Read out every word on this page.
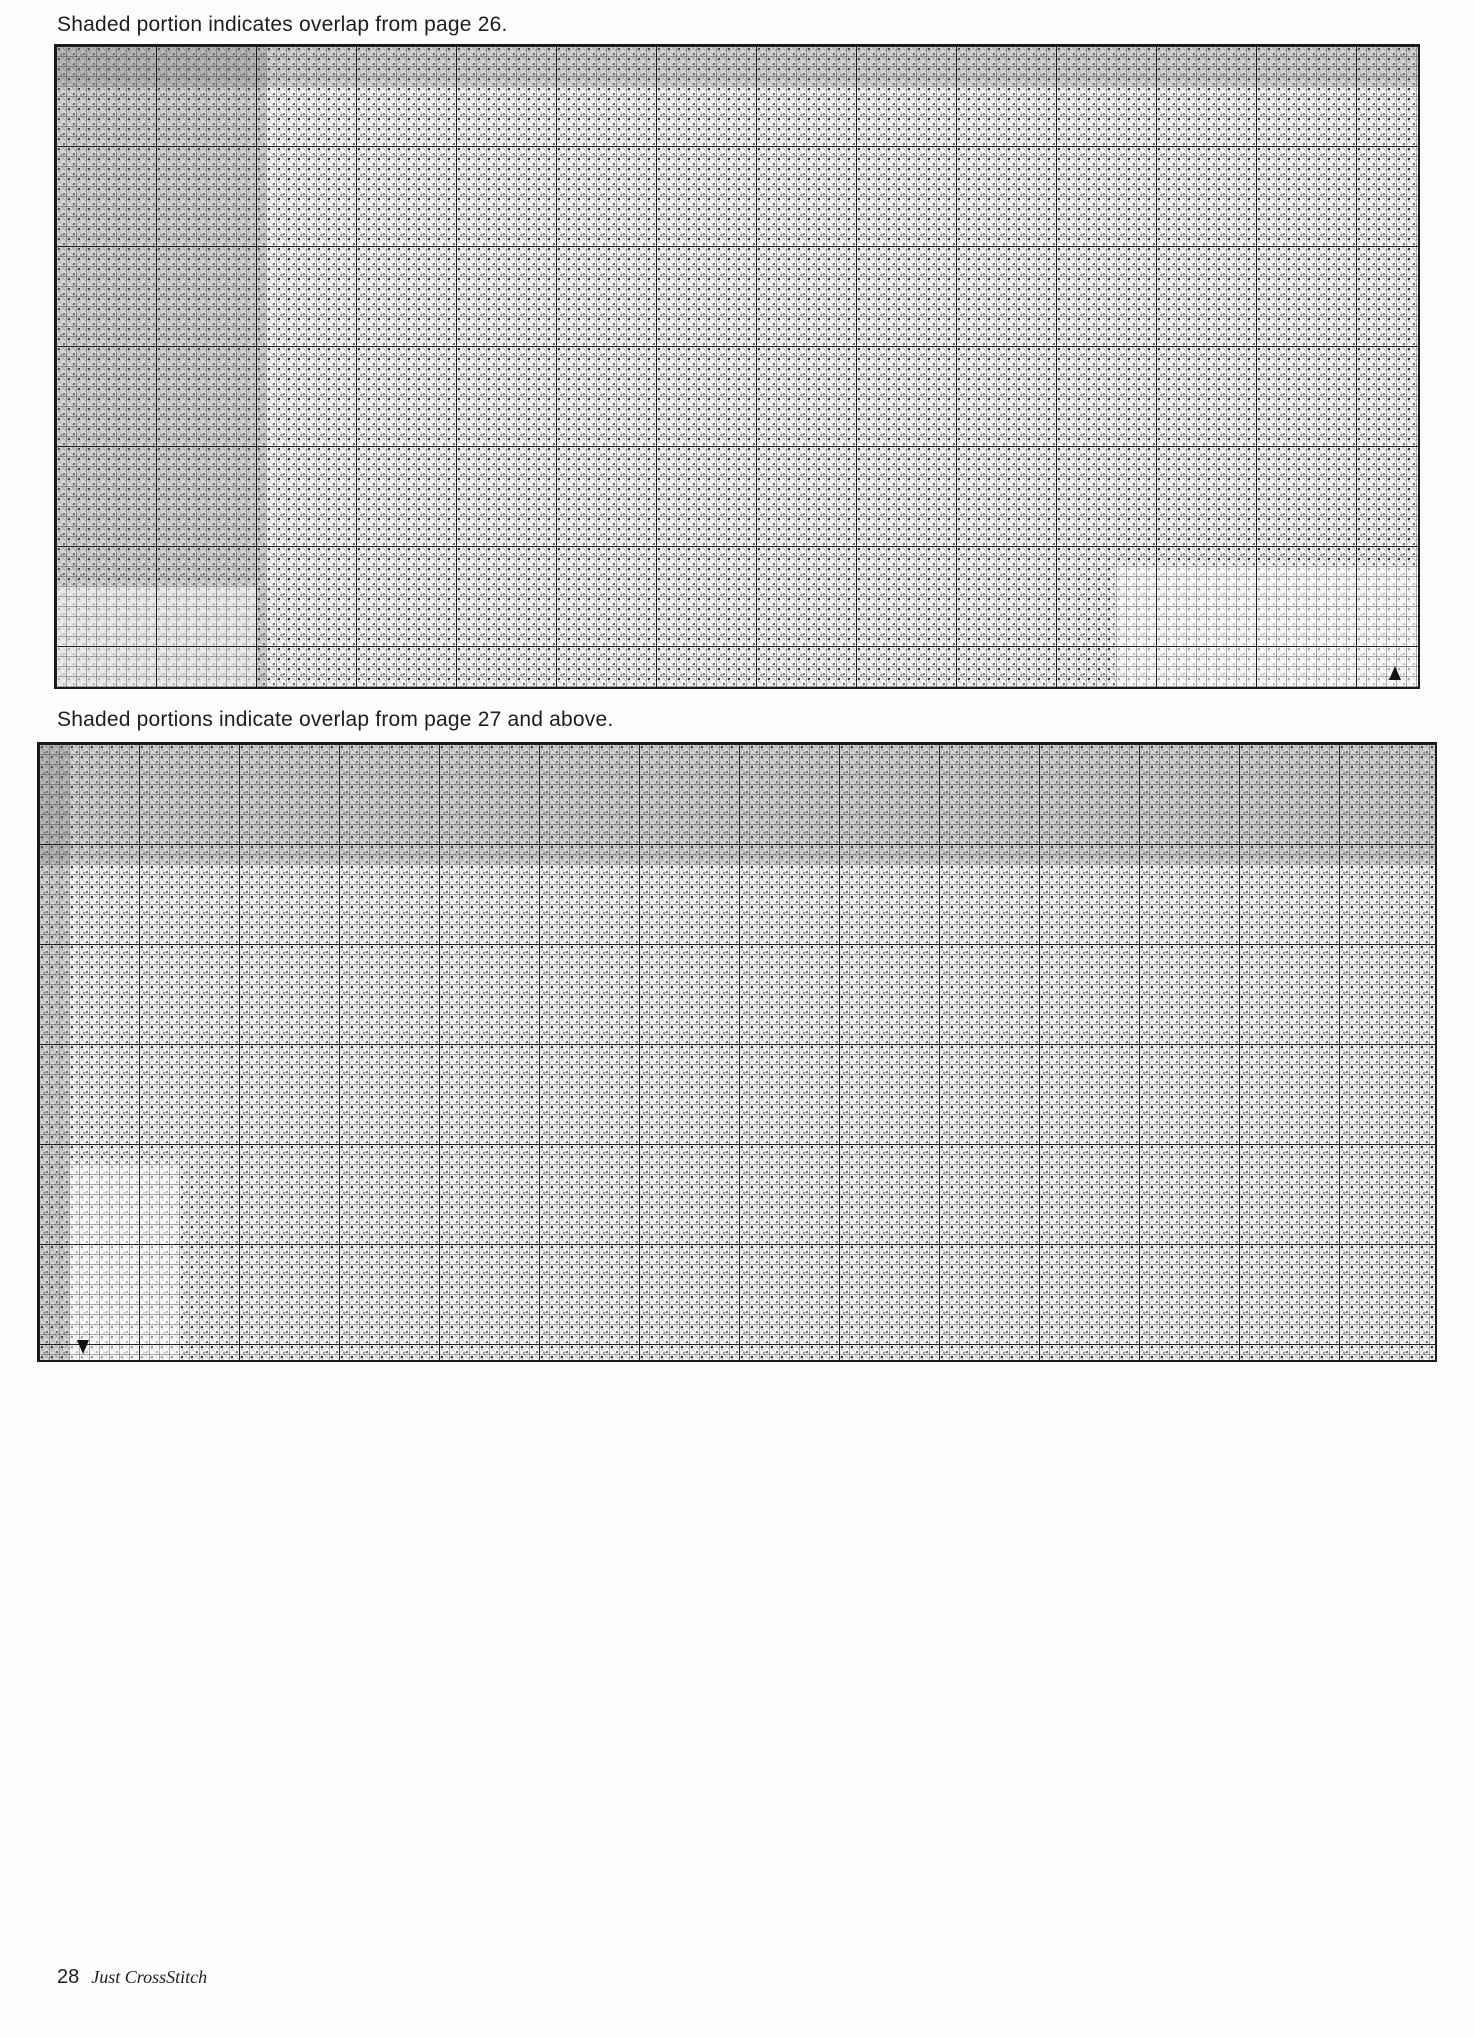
Shaded portion indicates overlap from page 26.
Shaded portions indicate overlap from page 27 and above.
28 Just CrossStitch
